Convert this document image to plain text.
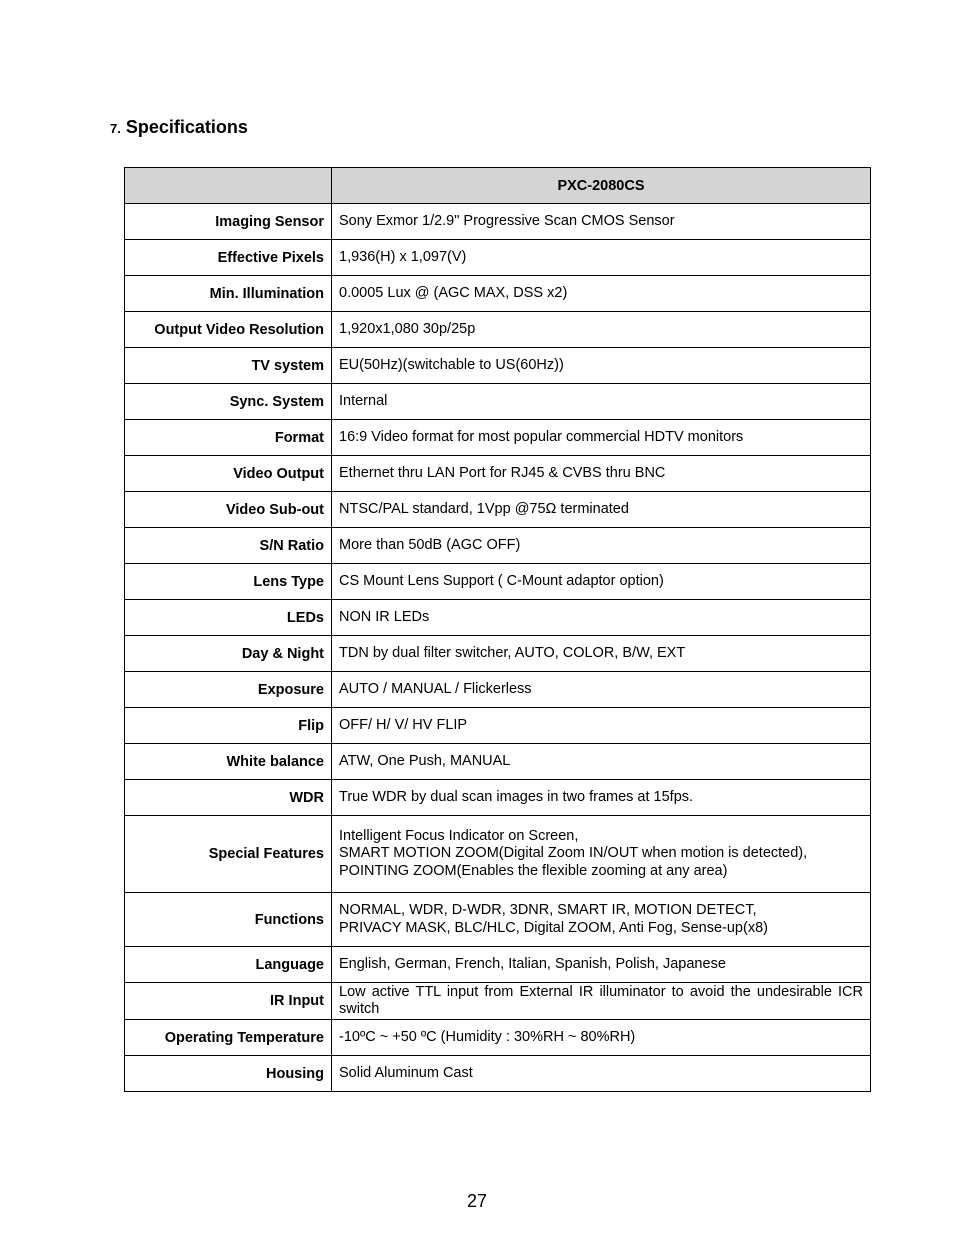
7. Specifications
	PXC-2080CS
Imaging Sensor	Sony Exmor 1/2.9" Progressive Scan CMOS Sensor
Effective Pixels	1,936(H) x 1,097(V)
Min. Illumination	0.0005 Lux @ (AGC MAX, DSS x2)
Output Video Resolution	1,920x1,080 30p/25p
TV system	EU(50Hz)(switchable to US(60Hz))
Sync. System	Internal
Format	16:9 Video format for most popular commercial HDTV monitors
Video Output	Ethernet thru LAN Port for RJ45 & CVBS thru BNC
Video Sub-out	NTSC/PAL standard, 1Vpp @75Ω terminated
S/N Ratio	More than 50dB (AGC OFF)
Lens Type	CS Mount Lens Support ( C-Mount adaptor option)
LEDs	NON IR LEDs
Day & Night	TDN by dual filter switcher, AUTO, COLOR, B/W, EXT
Exposure	AUTO / MANUAL / Flickerless
Flip	OFF/ H/ V/ HV FLIP
White balance	ATW, One Push, MANUAL
WDR	True WDR by dual scan images in two frames at 15fps.
Special Features	Intelligent Focus Indicator on Screen,
SMART MOTION ZOOM(Digital Zoom IN/OUT when motion is detected),
POINTING ZOOM(Enables the flexible zooming at any area)

Functions	NORMAL, WDR, D-WDR, 3DNR, SMART IR, MOTION DETECT,
PRIVACY MASK, BLC/HLC, Digital ZOOM, Anti Fog, Sense-up(x8)

Language	English, German, French, Italian, Spanish, Polish, Japanese
IR Input	Low active TTL input from External IR illuminator to avoid the undesirable ICR switch
Operating Temperature	-10ºC ~ +50 ºC (Humidity : 30%RH ~ 80%RH)
Housing	Solid Aluminum Cast
27
